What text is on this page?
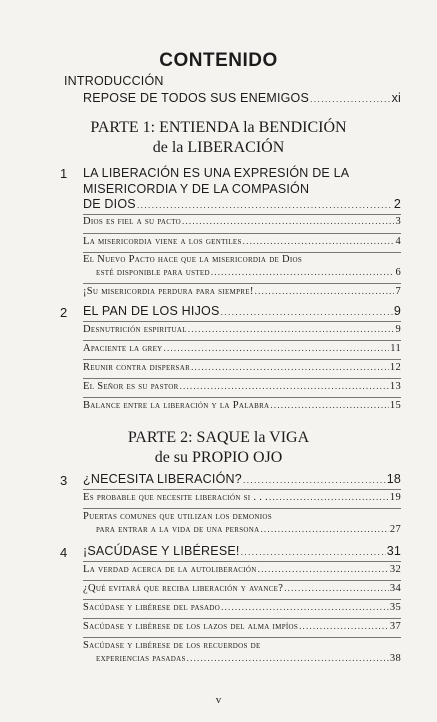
CONTENIDO
INTRODUCCIÓN
REPOSE DE TODOS SUS ENEMIGOS .....	xi
PARTE 1: ENTIENDA la BENDICIÓN
de la LIBERACIÓN
1 LA LIBERACIÓN ES UNA EXPRESIÓN DE LA
MISERICORDIA Y DE LA COMPASIÓN
DE DIOS .....	2
Dios es fiel a su pacto .....	3
La misericordia viene a los gentiles .....	4
El Nuevo Pacto hace que la misericordia de Dios
esté disponible para usted .....	6
¡Su misericordia perdura para siempre! .....	7
2 EL PAN DE LOS HIJOS .....	9
Desnutrición espiritual .....	9
Apaciente la grey .....	11
Reunir contra dispersar .....	12
El Señor es su pastor .....	13
Balance entre la liberación y la Palabra .....	15
PARTE 2: SAQUE la VIGA
de su PROPIO OJO
3 ¿NECESITA LIBERACIÓN? .....	18
Es probable que necesite liberación si . . . .....	19
Puertas comunes que utilizan los demonios
para entrar a la vida de una persona .....	27
4 ¡SACÚDASE Y LIBÉRESE! .....	31
La verdad acerca de la autoliberación .....	32
¿Qué evitará que reciba liberación y avance? .....	34
Sacúdase y libérese del pasado .....	35
Sacúdase y libérese de los lazos del alma impíos .....	37
Sacúdase y libérese de los recuerdos de
experiencias pasadas .....	38
v
